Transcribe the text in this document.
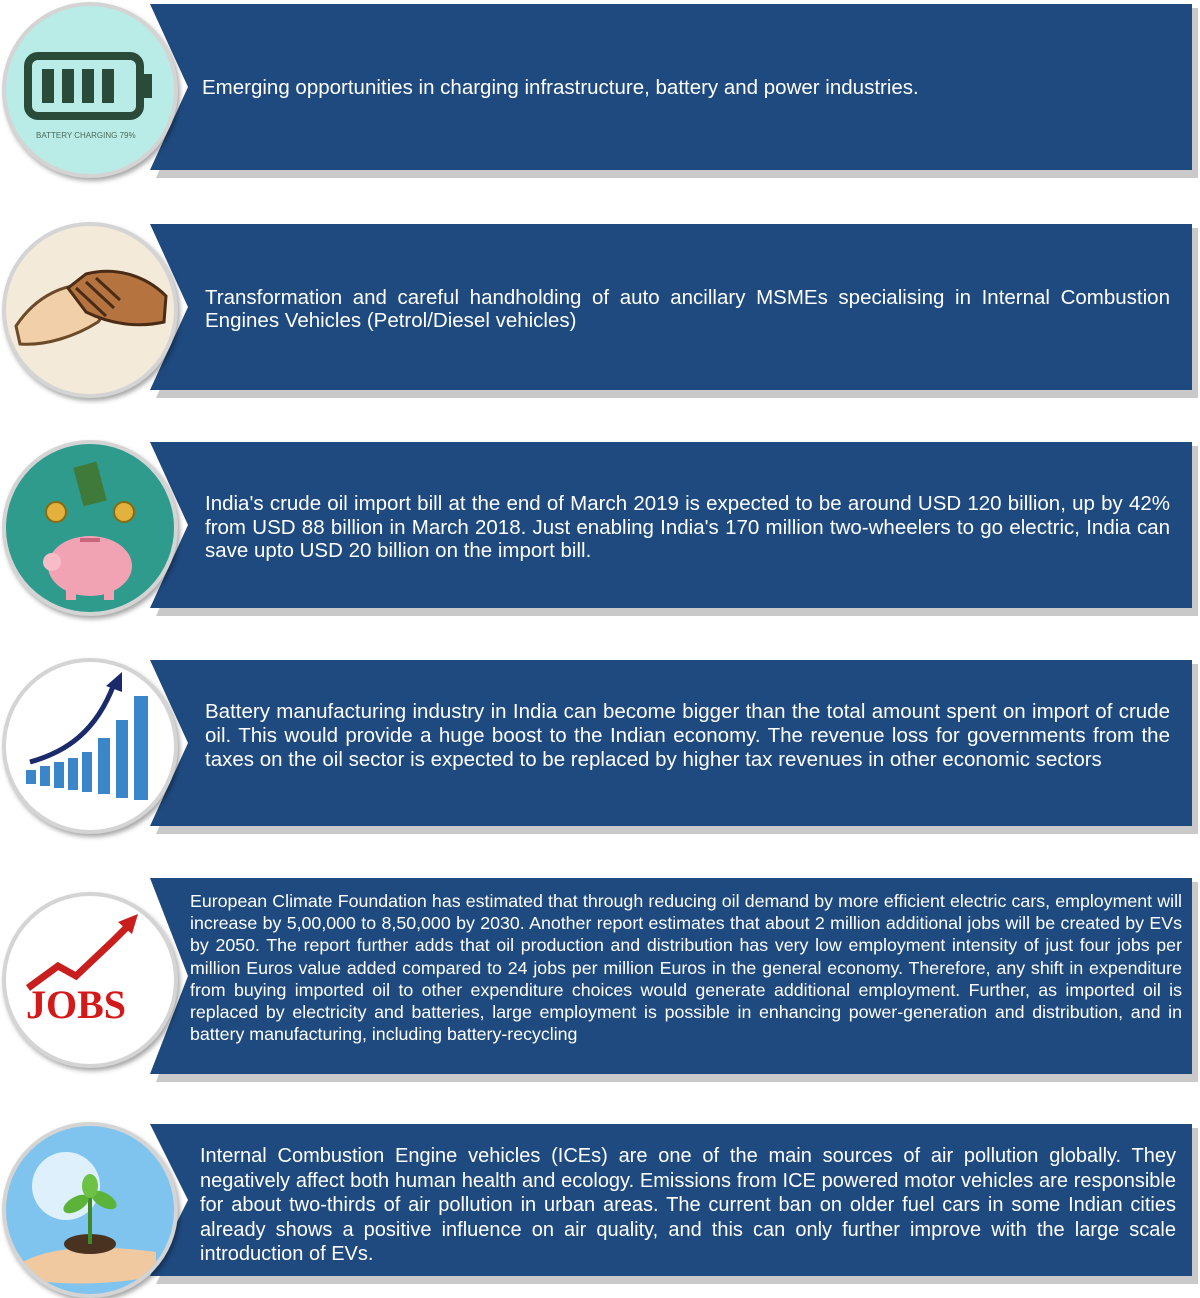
Emerging opportunities in charging infrastructure, battery and power industries.
BATTERY CHARGING 79%
Transformation and careful handholding of auto ancillary MSMEs specialising in Internal Combustion Engines Vehicles (Petrol/Diesel vehicles)
India's crude oil import bill at the end of March 2019 is expected to be around USD 120 billion, up by 42% from USD 88 billion in March 2018. Just enabling India's 170 million two-wheelers to go electric, India can save upto USD 20 billion on the import bill.
Battery manufacturing industry in India can become bigger than the total amount spent on import of crude oil. This would provide a huge boost to the Indian economy. The revenue loss for governments from the taxes on the oil sector is expected to be replaced by higher tax revenues in other economic sectors
European Climate Foundation has estimated that through reducing oil demand by more efficient electric cars, employment will increase by 5,00,000 to 8,50,000 by 2030. Another report estimates that about 2 million additional jobs will be created by EVs by 2050. The report further adds that oil production and distribution has very low employment intensity of just four jobs per million Euros value added compared to 24 jobs per million Euros in the general economy. Therefore, any shift in expenditure from buying imported oil to other expenditure choices would generate additional employment. Further, as imported oil is replaced by electricity and batteries, large employment is possible in enhancing power-generation and distribution, and in battery manufacturing, including battery-recycling
JOBS
Internal Combustion Engine vehicles (ICEs) are one of the main sources of air pollution globally. They negatively affect both human health and ecology. Emissions from ICE powered motor vehicles are responsible for about two-thirds of air pollution in urban areas. The current ban on older fuel cars in some Indian cities already shows a positive influence on air quality, and this can only further improve with the large scale introduction of EVs.
